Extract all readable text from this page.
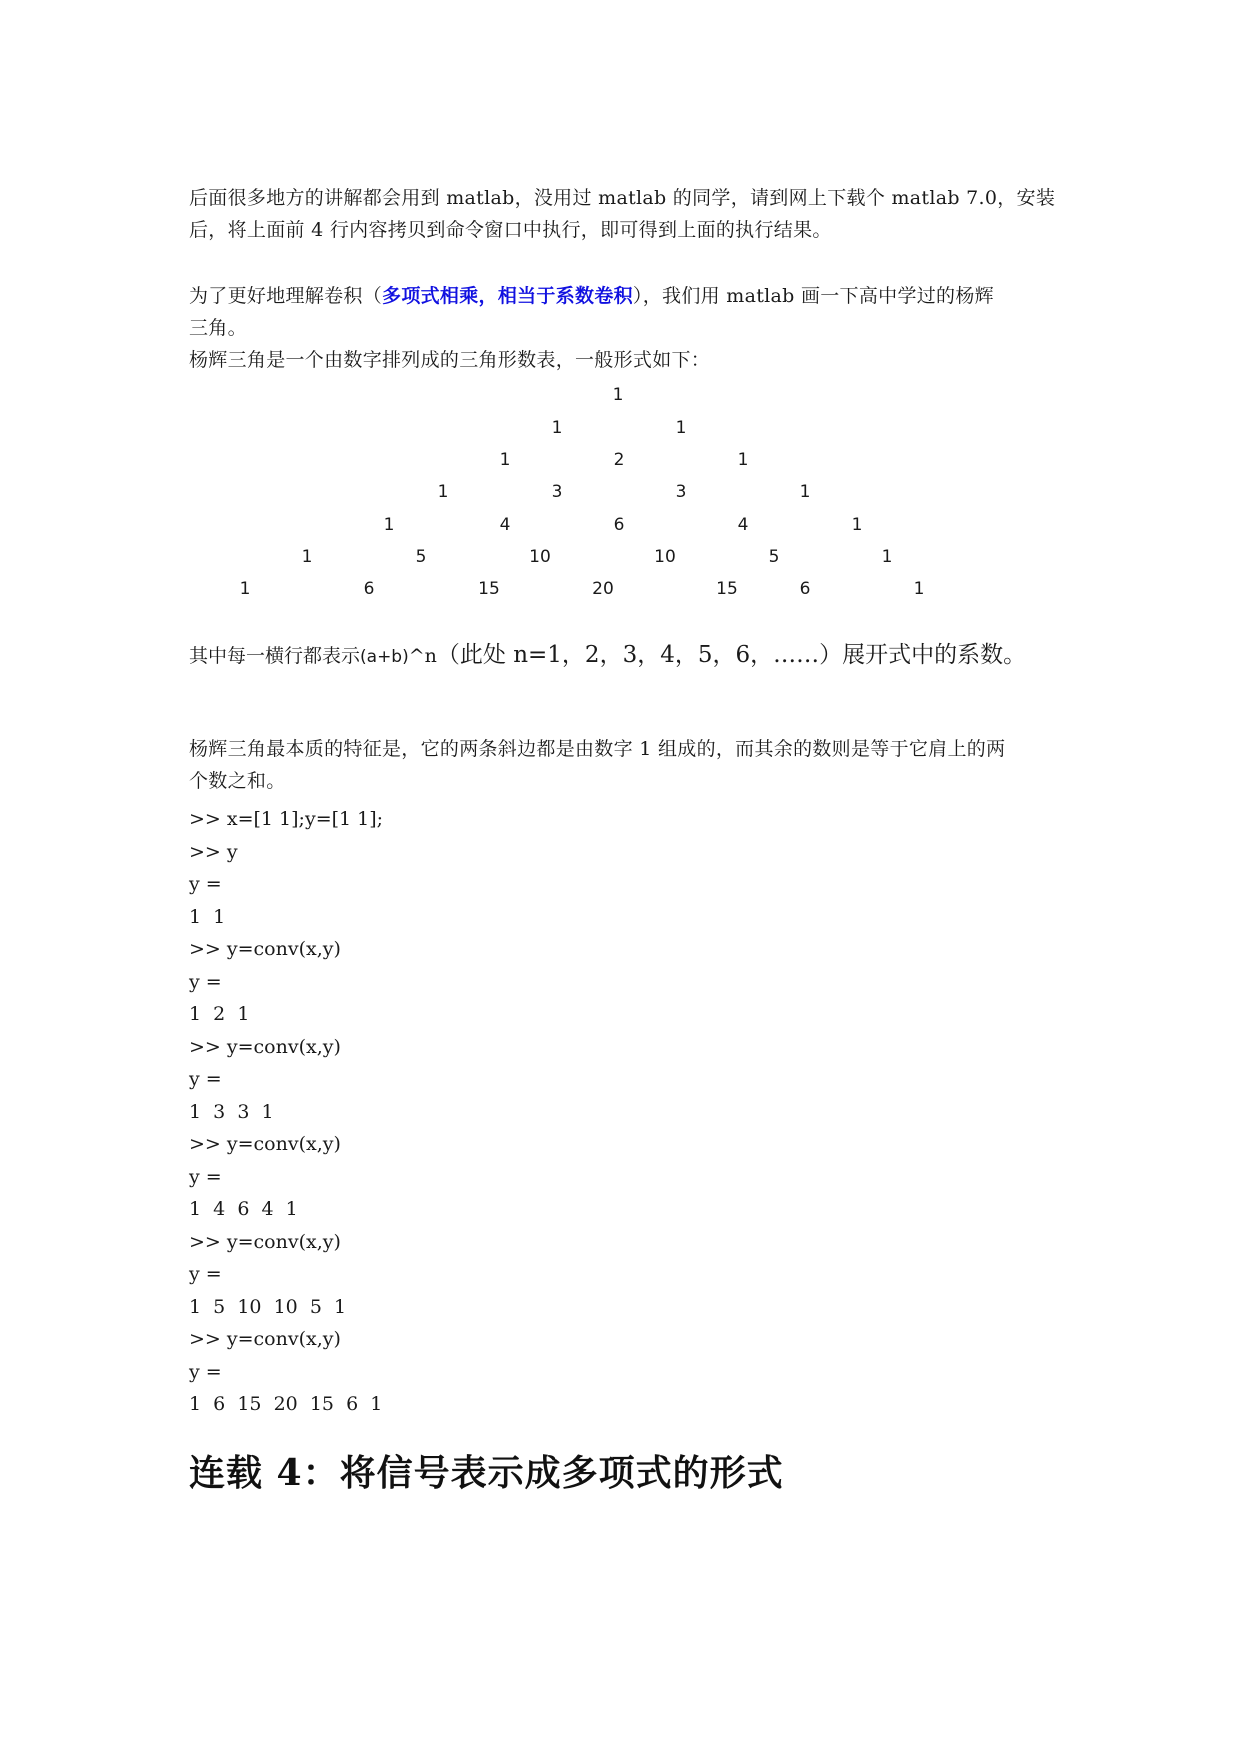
后面很多地方的讲解都会用到 matlab，没用过 matlab 的同学，请到网上下载个 matlab 7.0，安装
后，将上面前 4 行内容拷贝到命令窗口中执行，即可得到上面的执行结果。

为了更好地理解卷积（多项式相乘，相当于系数卷积），我们用 matlab 画一下高中学过的杨辉
三角。

杨辉三角是一个由数字排列成的三角形数表，一般形式如下：

1
1	1
1	2	1
1	3	3	1
1	4	6	4	1
1	5	10	10	5	1
1	6	15	20	15	6	1
其中每一横行都表示(a+b)^n（此处 n=1，2，3，4，5，6，……）展开式中的系数。

杨辉三角最本质的特征是，它的两条斜边都是由数字 1 组成的，而其余的数则是等于它肩上的两
个数之和。

>> x=[1 1];y=[1 1];
>> y
y =
1  1
>> y=conv(x,y)
y =
1  2  1
>> y=conv(x,y)
y =
1  3  3  1
>> y=conv(x,y)
y =
1  4  6  4  1
>> y=conv(x,y)
y =
1  5  10  10  5  1
>> y=conv(x,y)
y =
1  6  15  20  15  6  1
连载 4：将信号表示成多项式的形式
